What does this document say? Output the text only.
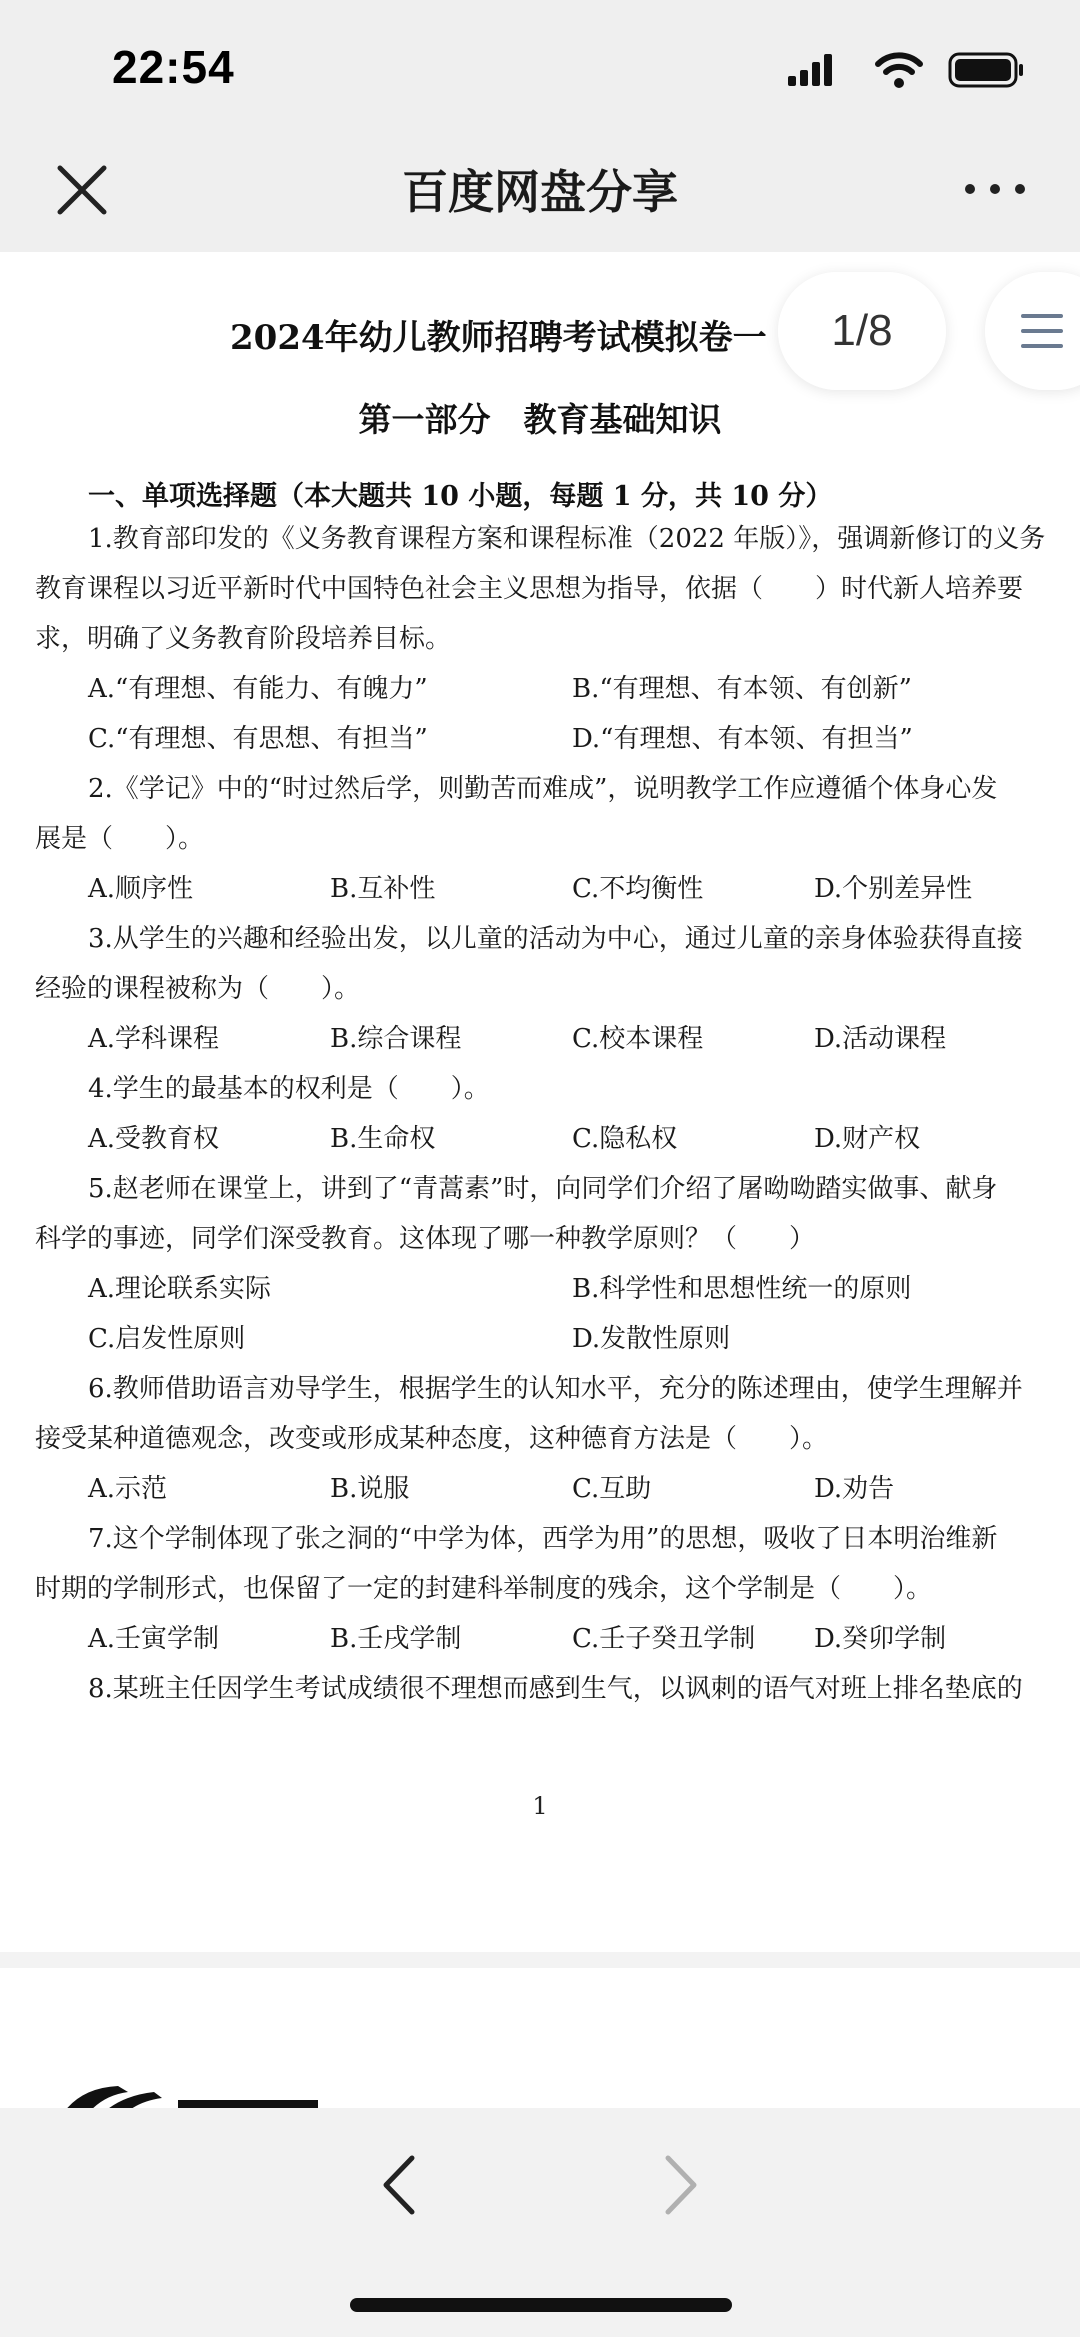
22:54
百度网盘分享
2024年幼儿教师招聘考试模拟卷一
第一部分　教育基础知识
一、单项选择题（本大题共 10 小题，每题 1 分，共 10 分）
1.教育部印发的《义务教育课程方案和课程标准（2022 年版）》，强调新修订的义务
教育课程以习近平新时代中国特色社会主义思想为指导，依据（　　）时代新人培养要
求，明确了义务教育阶段培养目标。
A.“有理想、有能力、有魄力”	B.“有理想、有本领、有创新”
C.“有理想、有思想、有担当”	D.“有理想、有本领、有担当”
2.《学记》中的“时过然后学，则勤苦而难成”，说明教学工作应遵循个体身心发
展是（　　）。
A.顺序性	B.互补性	C.不均衡性	D.个别差异性
3.从学生的兴趣和经验出发，以儿童的活动为中心，通过儿童的亲身体验获得直接
经验的课程被称为（　　）。
A.学科课程	B.综合课程	C.校本课程	D.活动课程
4.学生的最基本的权利是（　　）。
A.受教育权	B.生命权	C.隐私权	D.财产权
5.赵老师在课堂上，讲到了“青蒿素”时，向同学们介绍了屠呦呦踏实做事、献身
科学的事迹，同学们深受教育。这体现了哪一种教学原则？（　　）
A.理论联系实际	B.科学性和思想性统一的原则
C.启发性原则	D.发散性原则
6.教师借助语言劝导学生，根据学生的认知水平，充分的陈述理由，使学生理解并
接受某种道德观念，改变或形成某种态度，这种德育方法是（　　）。
A.示范	B.说服	C.互助	D.劝告
7.这个学制体现了张之洞的“中学为体，西学为用”的思想，吸收了日本明治维新
时期的学制形式，也保留了一定的封建科举制度的残余，这个学制是（　　）。
A.壬寅学制	B.壬戌学制	C.壬子癸丑学制 D.癸卯学制
8.某班主任因学生考试成绩很不理想而感到生气，以讽刺的语气对班上排名垫底的
1
1/8
